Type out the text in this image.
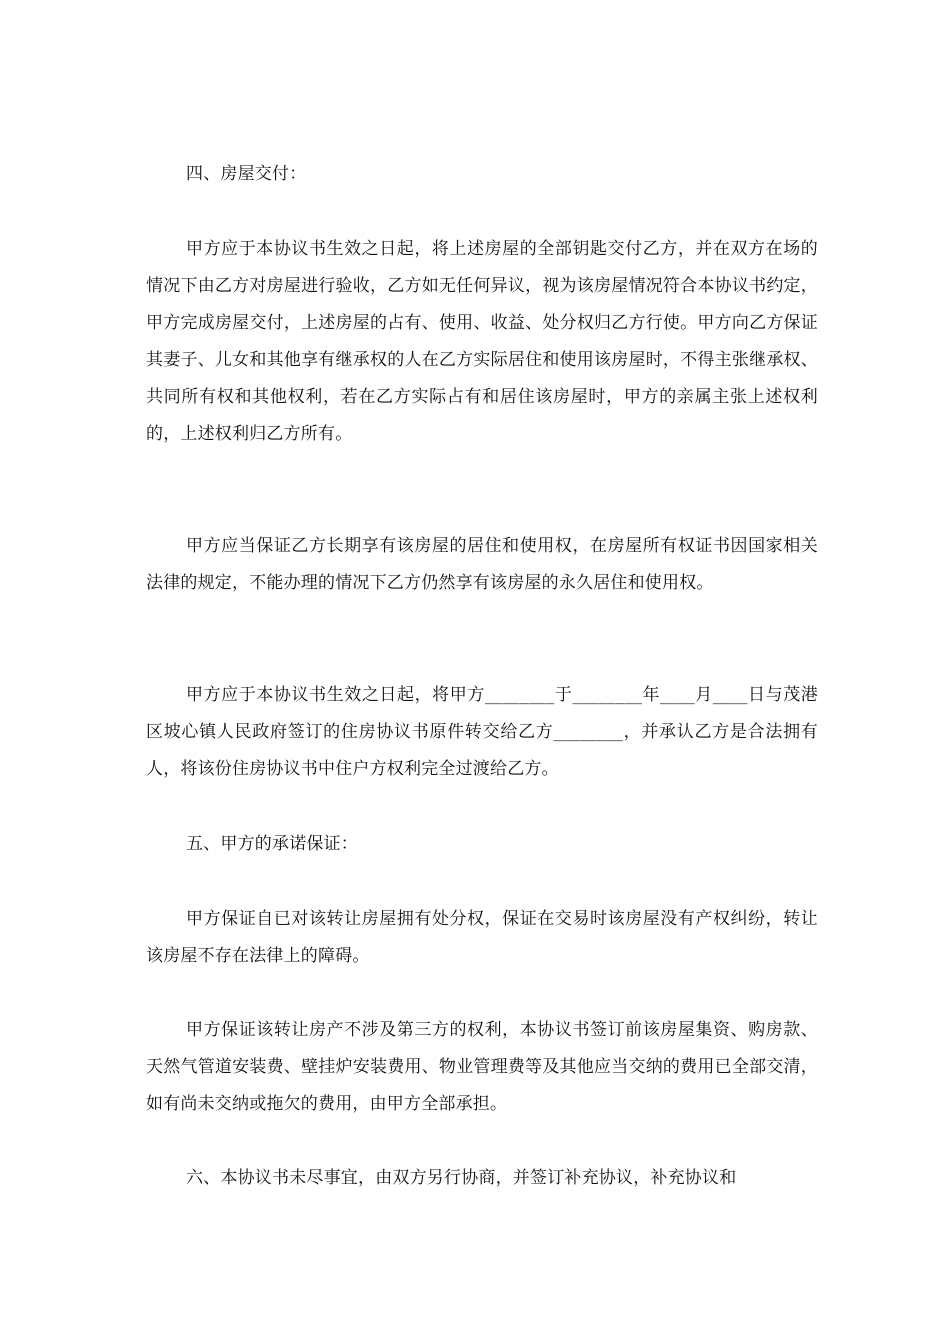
四、房屋交付：
甲方应于本协议书生效之日起，将上述房屋的全部钥匙交付乙方，并在双方在场的情况下由乙方对房屋进行验收，乙方如无任何异议，视为该房屋情况符合本协议书约定，甲方完成房屋交付，上述房屋的占有、使用、收益、处分权归乙方行使。甲方向乙方保证其妻子、儿女和其他享有继承权的人在乙方实际居住和使用该房屋时，不得主张继承权、共同所有权和其他权利，若在乙方实际占有和居住该房屋时，甲方的亲属主张上述权利的，上述权利归乙方所有。
甲方应当保证乙方长期享有该房屋的居住和使用权，在房屋所有权证书因国家相关法律的规定，不能办理的情况下乙方仍然享有该房屋的永久居住和使用权。
甲方应于本协议书生效之日起，将甲方________于________年____月____日与茂港区坡心镇人民政府签订的住房协议书原件转交给乙方________，并承认乙方是合法拥有人，将该份住房协议书中住户方权利完全过渡给乙方。
五、甲方的承诺保证：
甲方保证自已对该转让房屋拥有处分权，保证在交易时该房屋没有产权纠纷，转让该房屋不存在法律上的障碍。
甲方保证该转让房产不涉及第三方的权利，本协议书签订前该房屋集资、购房款、天然气管道安装费、壁挂炉安装费用、物业管理费等及其他应当交纳的费用已全部交清，如有尚未交纳或拖欠的费用，由甲方全部承担。
六、本协议书未尽事宜，由双方另行协商，并签订补充协议，补充协议和
